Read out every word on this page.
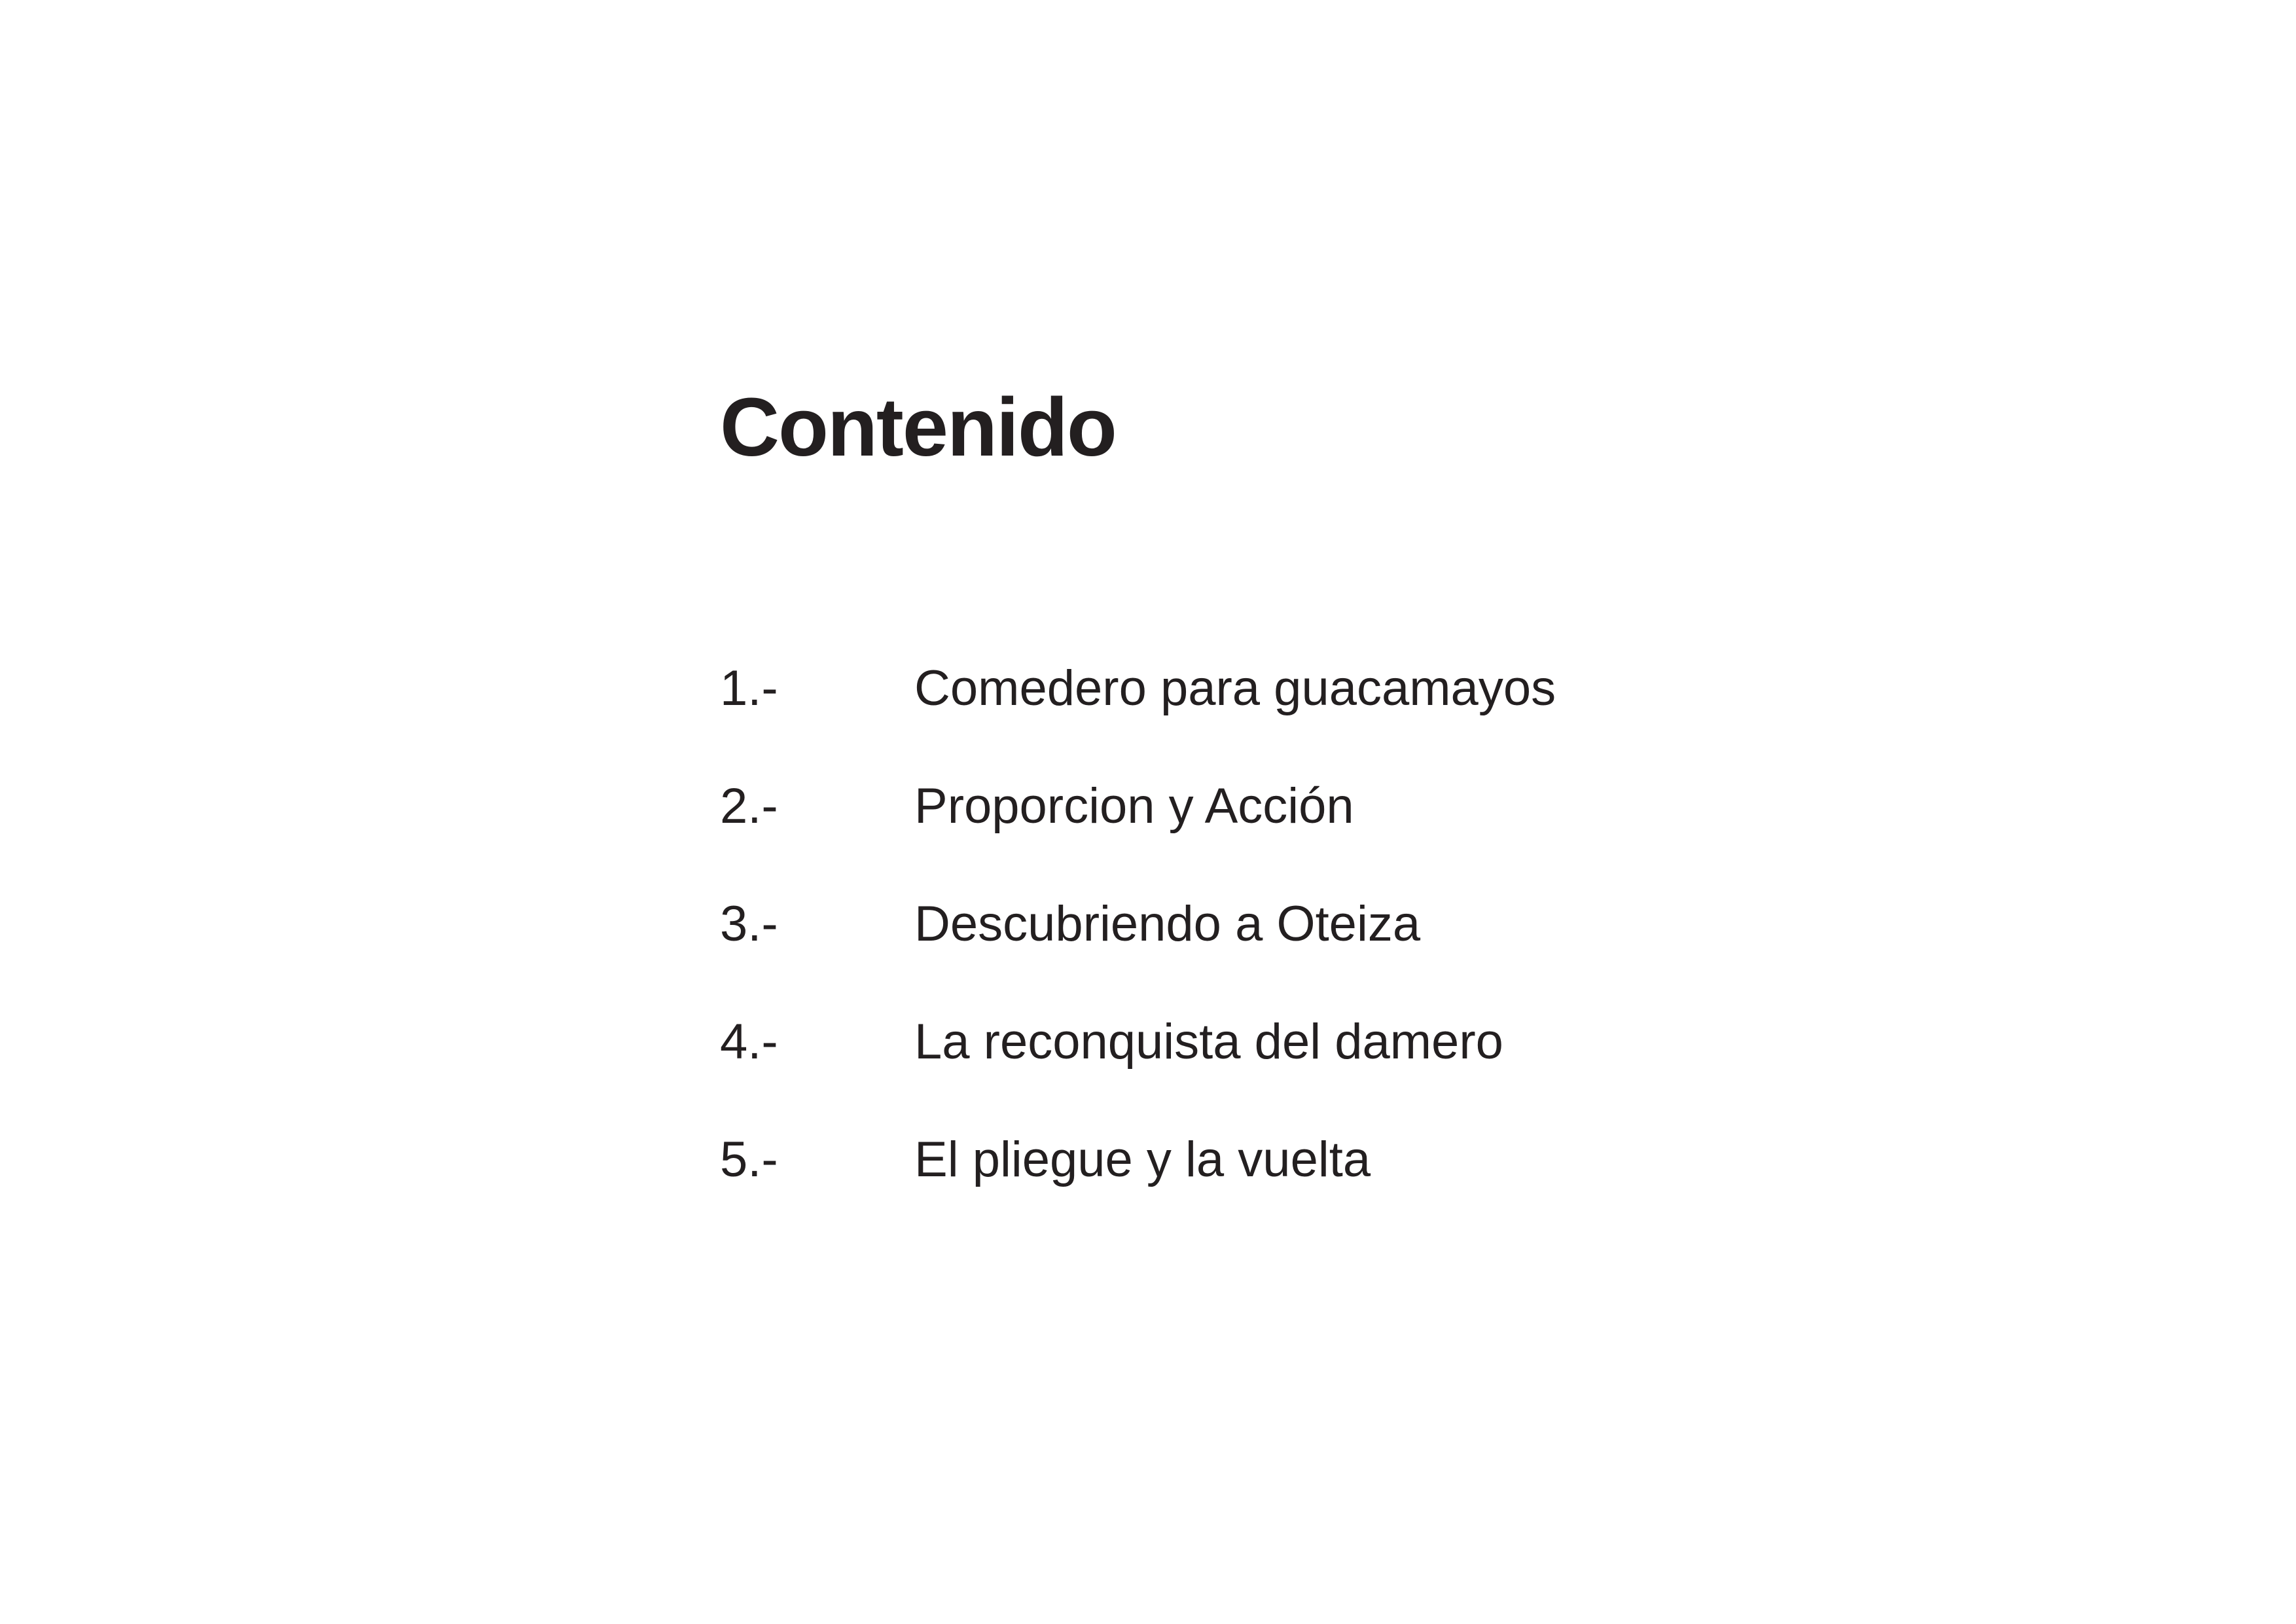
Contenido
1.-	Comedero para guacamayos
2.-	Proporcion y Acción
3.-	Descubriendo a Oteiza
4.-	La reconquista del damero
5.-	El pliegue y la vuelta
